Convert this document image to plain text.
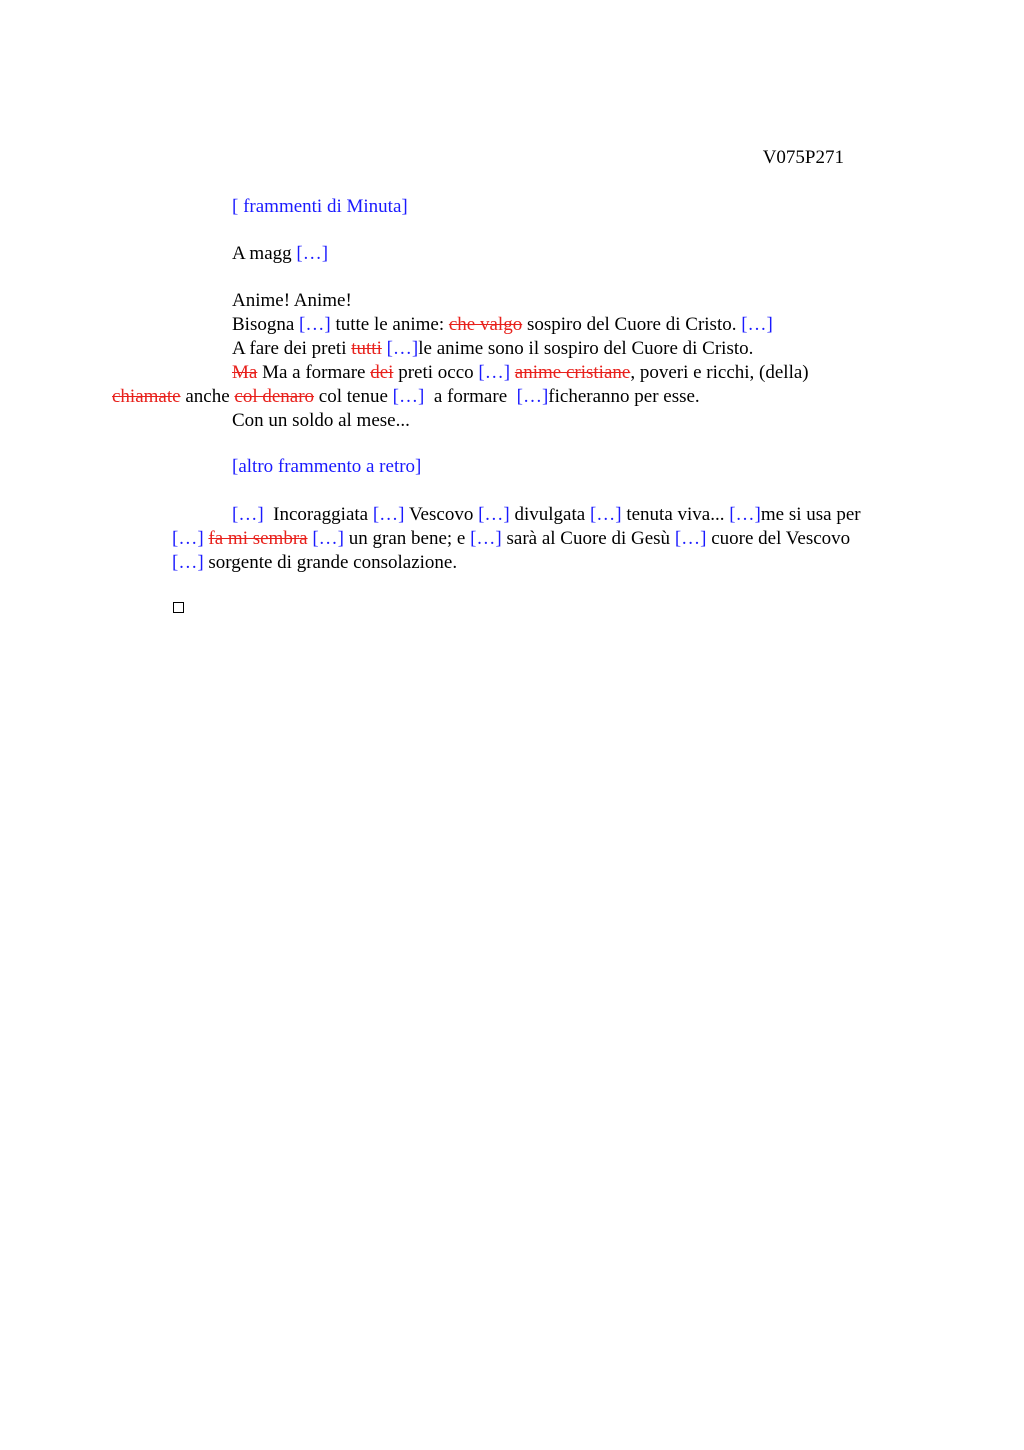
V075P271
[ frammenti di Minuta]
A magg […]

Anime! Anime!

Bisogna […] tutte le anime: che valgo sospiro del Cuore di Cristo. […]

A fare dei preti tutti […]le anime sono il sospiro del Cuore di Cristo.

Ma Ma a formare dei preti occo […] anime cristiane, poveri e ricchi, (della)
chiamate anche col denaro col tenue […] a formare […]ficheranno per esse.

Con un soldo al mese...

[altro frammento a retro]

[…] Incoraggiata […] Vescovo […] divulgata […] tenuta viva... […]me si usa per
[…] fa mi sembra […] un gran bene; e […] sarà al Cuore di Gesù […] cuore del Vescovo
[…] sorgente di grande consolazione.
